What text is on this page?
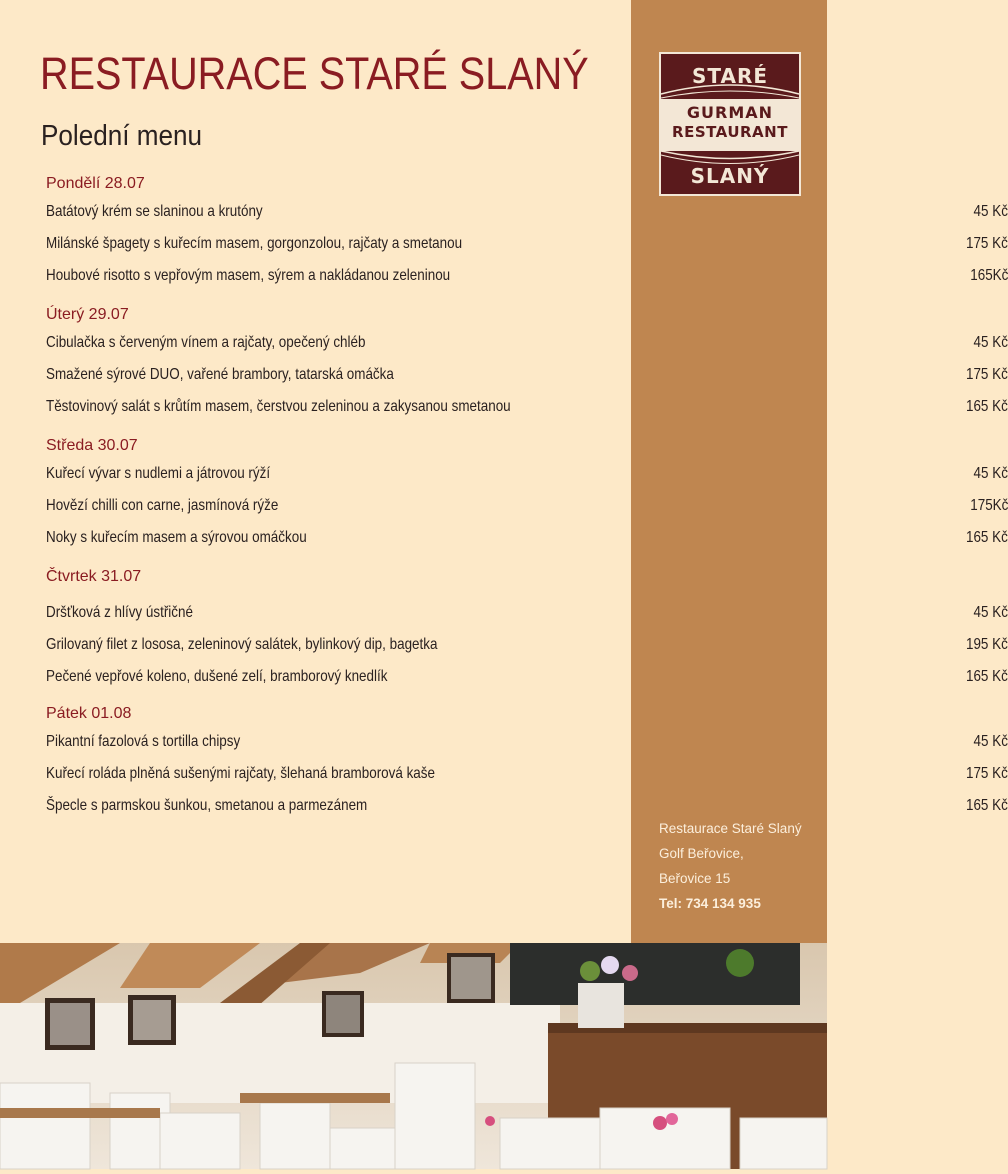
RESTAURACE STARÉ SLANÝ
Polední menu
Pondělí 28.07
Batátový krém se slaninou a krutóny	45 Kč
Milánské špagety s kuřecím masem, gorgonzolou, rajčaty a smetanou	175 Kč
Houbové risotto s vepřovým masem, sýrem a nakládanou zeleninou	165Kč
Úterý 29.07
Cibulačka s červeným vínem a rajčaty, opečený chléb	45 Kč
Smažené sýrové DUO, vařené brambory, tatarská omáčka	175 Kč
Těstovinový salát s krůtím masem, čerstvou zeleninou a zakysanou smetanou	165 Kč
Středa 30.07
Kuřecí vývar s nudlemi a játrovou rýží	45 Kč
Hovězí chilli con carne, jasmínová rýže	175Kč
Noky s kuřecím masem a sýrovou omáčkou	165 Kč
Čtvrtek 31.07
Dršťková z hlívy ústřičné	45 Kč
Grilovaný filet z lososa, zeleninový salátek, bylinkový dip, bagetka	195 Kč
Pečené vepřové koleno, dušené zelí, bramborový knedlík	165 Kč
Pátek 01.08
Pikantní fazolová s tortilla chipsy	45 Kč
Kuřecí roláda plněná sušenými rajčaty, šlehaná bramborová kaše	175 Kč
Špecle s parmskou šunkou, smetanou a parmezánem	165 Kč
STARÉ
GURMAN
RESTAURANT
SLANÝ
Restaurace Staré Slaný
Golf Beřovice,
Beřovice 15
Tel: 734 134 935
